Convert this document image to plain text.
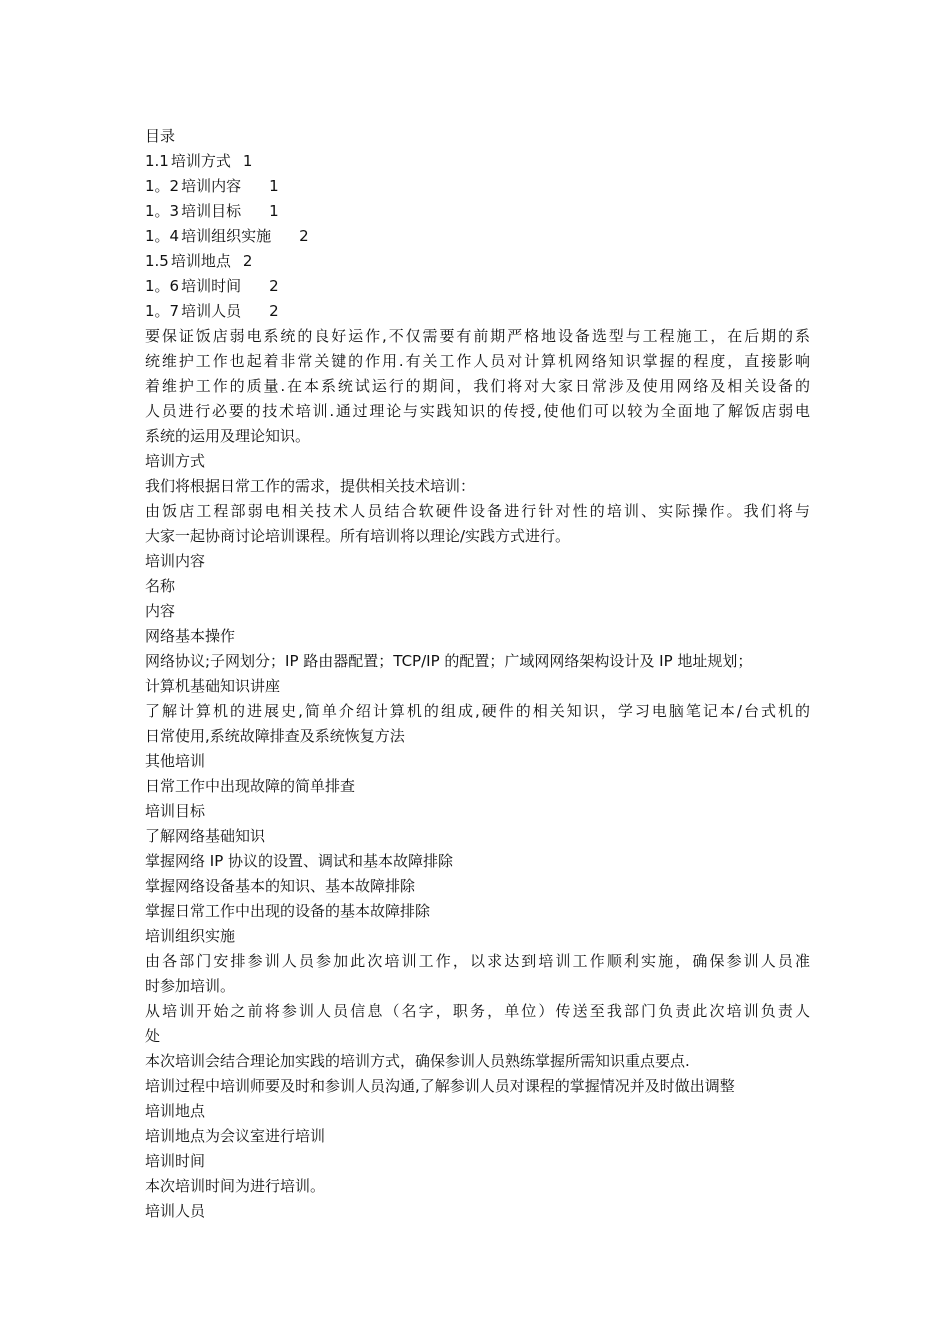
目录
1.1 培训方式 1
1。2 培训内容 1
1。3 培训目标 1
1。4 培训组织实施 2
1.5 培训地点 2
1。6 培训时间 2
1。7 培训人员 2
要保证饭店弱电系统的良好运作,不仅需要有前期严格地设备选型与工程施工，在后期的系
统维护工作也起着非常关键的作用.有关工作人员对计算机网络知识掌握的程度，直接影响
着维护工作的质量.在本系统试运行的期间，我们将对大家日常涉及使用网络及相关设备的
人员进行必要的技术培训.通过理论与实践知识的传授,使他们可以较为全面地了解饭店弱电
系统的运用及理论知识。
培训方式
我们将根据日常工作的需求，提供相关技术培训：
由饭店工程部弱电相关技术人员结合软硬件设备进行针对性的培训、实际操作。我们将与
大家一起协商讨论培训课程。所有培训将以理论/实践方式进行。
培训内容
名称
内容
网络基本操作
网络协议;子网划分；IP 路由器配置；TCP/IP 的配置；广域网网络架构设计及 IP 地址规划；
计算机基础知识讲座
了解计算机的进展史,简单介绍计算机的组成,硬件的相关知识，学习电脑笔记本/台式机的
日常使用,系统故障排查及系统恢复方法
其他培训
日常工作中出现故障的简单排查
培训目标
了解网络基础知识
掌握网络 IP 协议的设置、调试和基本故障排除
掌握网络设备基本的知识、基本故障排除
掌握日常工作中出现的设备的基本故障排除
培训组织实施
由各部门安排参训人员参加此次培训工作，以求达到培训工作顺利实施，确保参训人员准
时参加培训。
从培训开始之前将参训人员信息（名字，职务，单位）传送至我部门负责此次培训负责人
处
本次培训会结合理论加实践的培训方式，确保参训人员熟练掌握所需知识重点要点.
培训过程中培训师要及时和参训人员沟通,了解参训人员对课程的掌握情况并及时做出调整
培训地点
培训地点为会议室进行培训
培训时间
本次培训时间为进行培训。
培训人员
